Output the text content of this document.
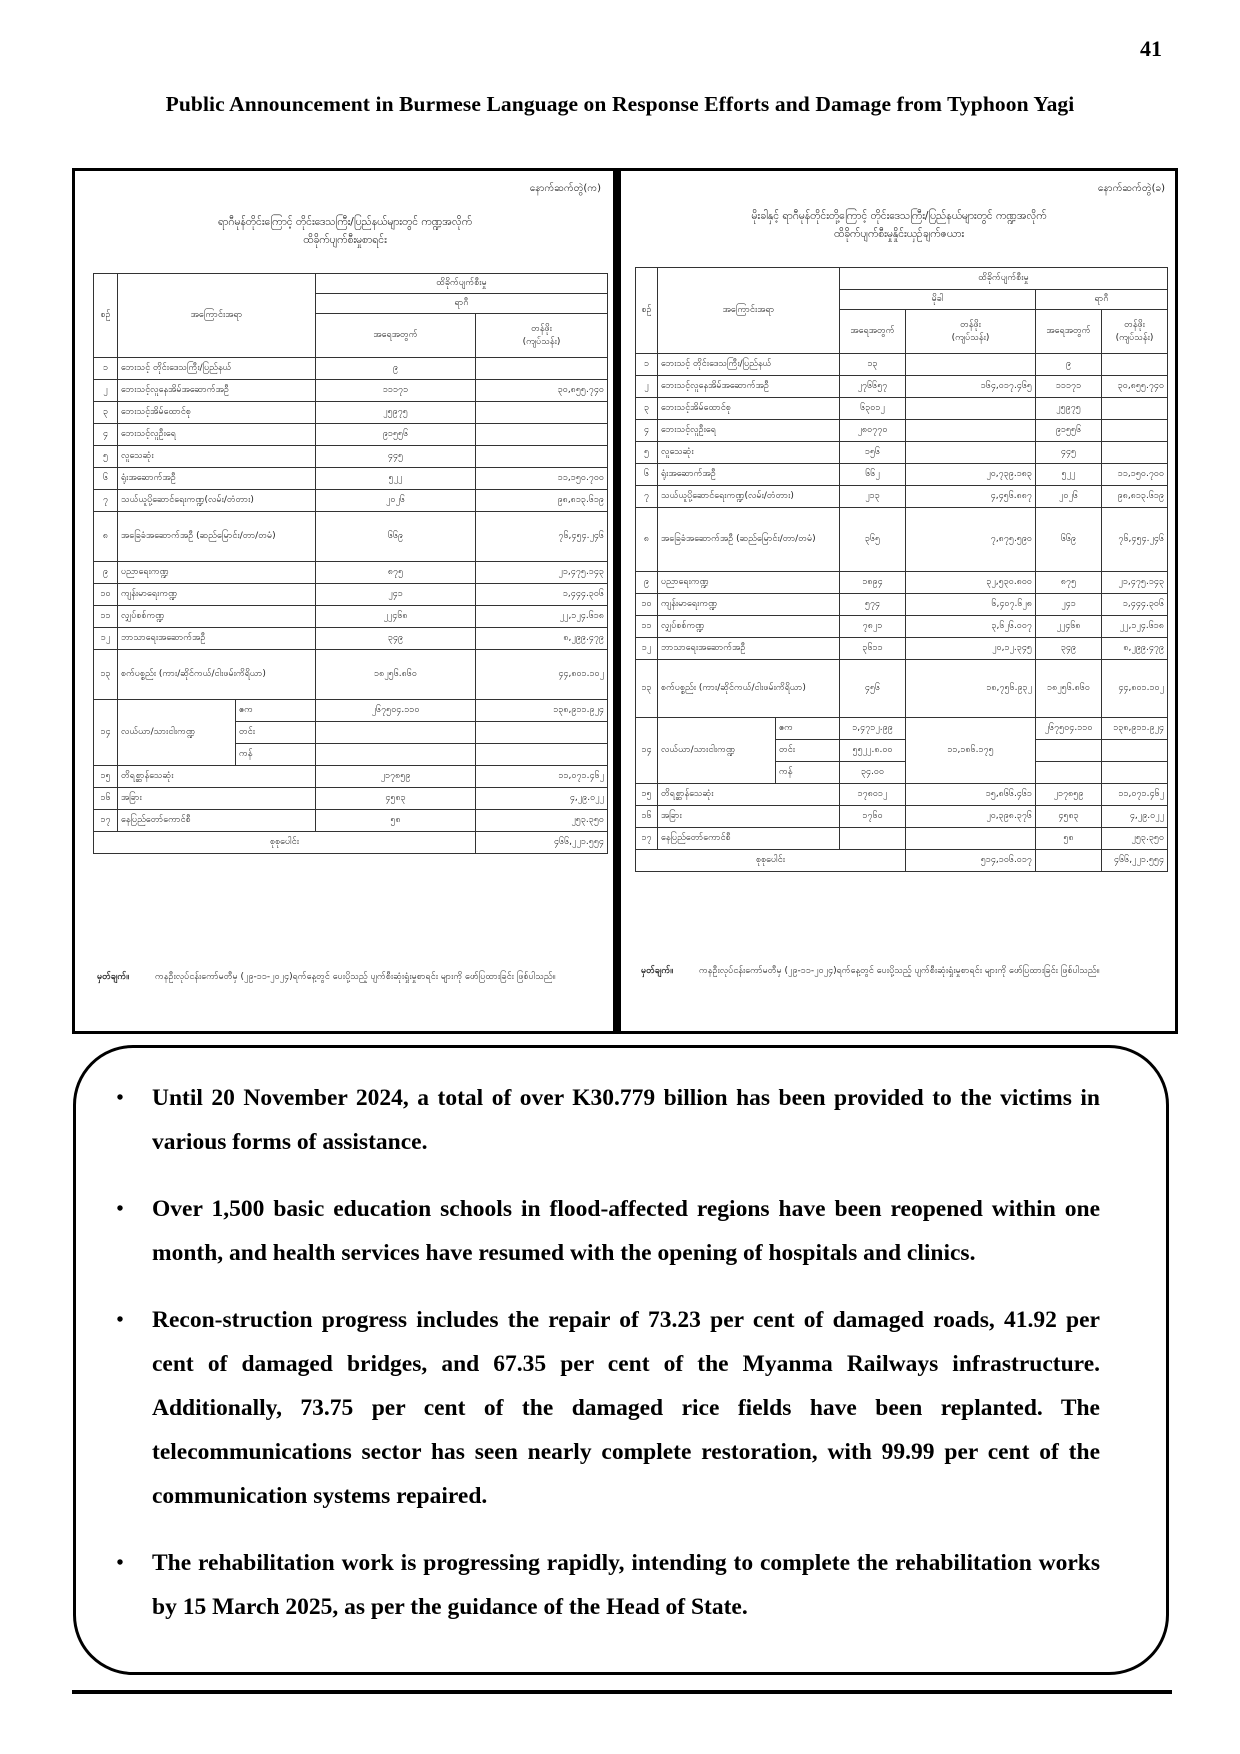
41
Public Announcement in Burmese Language on Response Efforts and Damage from Typhoon Yagi
နောက်ဆက်တွဲ(က)
ရာဂီမုန်တိုင်းကြောင့် တိုင်းဒေသကြီး/ပြည်နယ်များတွင် ကဏ္ဍအလိုက်
ထိခိုက်ပျက်စီးမှုစာရင်း
စဉ်	အကြောင်းအရာ		ထိခိုက်ပျက်စီးမှု	
			ရာဂီ	
			အရေအတွက်	တန်ဖိုး
(ကျပ်သန်း)
၁	ဘေးသင့် တိုင်းဒေသကြီး/ပြည်နယ်		၉	
၂	ဘေးသင့်လူနေအိမ်အဆောက်အဦ		၁၁၁၇၁	၃၀,၈၅၅.၇၄၀
၃	ဘေးသင့်အိမ်ထောင်စု		၂၅၉၇၅	
၄	ဘေးသင့်လူဦးရေ		၉၁၅၅၆	
၅	လူသေဆုံး		၄၄၅	
၆	ရုံးအဆောက်အဦ		၅၂၂	၁၁,၁၅၀.၇၀၀
၇	သယ်ယူပို့ဆောင်ရေးကဏ္ဍ(လမ်း/တံတား)		၂၀၂၆	၉၈,၈၁၃.၆၁၉
၈	အခြေခံအဆောက်အဦ (ဆည်မြောင်း/တာ/တမံ)		၆၆၉	၇၆,၄၅၄.၂၄၆
၉	ပညာရေးကဏ္ဍ		၈၇၅	၂၁,၄၇၅.၁၄၃
၁၀	ကျန်းမာရေးကဏ္ဍ		၂၄၁	၁,၄၄၄.၃၀၆
၁၁	လျှပ်စစ်ကဏ္ဍ		၂၂၄၆၈	၂၂,၁၂၄.၆၁၈
၁၂	ဘာသာရေးအဆောက်အဦ		၃၄၉	၈,၂၉၉.၄၇၉
၁၃	စက်ပစ္စည်း (ကား/ဆိုင်ကယ်/ငါးဖမ်းကိရိယာ)		၁၈၂၅၆.၈၆၀	၄၄,၈၀၁.၁၀၂
၁၄	လယ်ယာ/သားငါးကဏ္ဍ	ဧက	၂၆၇၅၀၄.၁၁၀	၁၃၈,၉၁၁.၉၂၄
		တင်း		
		ကန်		
၁၅	တိရစ္ဆာန်သေဆုံး		၂၁၇၈၅၉	၁၁,၀၇၁.၄၆၂
၁၆	အခြား		၄၅၈၃	၄,၂၉.၀၂၂
၁၇	နေပြည်တော်ကောင်စီ		၅၈	၂၅၃.၃၅၀
စုစုပေါင်း				၄၆၆,၂၂၁.၅၅၄
မှတ်ချက်။	ကနဦးလုပ်ငန်းကော်မတီမှ (၂၉-၁၁-၂၀၂၄)ရက်နေ့တွင် ပေးပို့သည့် ပျက်စီးဆုံးရှုံးမှုစာရင်း များကို ဖော်ပြထားခြင်း ဖြစ်ပါသည်။
နောက်ဆက်တွဲ(ခ)
မိုးခါနှင့် ရာဂီမုန်တိုင်းတို့ကြောင့် တိုင်းဒေသကြီး/ပြည်နယ်များတွင် ကဏ္ဍအလိုက်
ထိခိုက်ပျက်စီးမှုနှိုင်းယှဉ်ချက်ဇယား
စဉ်	အကြောင်းအရာ		ထိခိုက်ပျက်စီးမှု			
			မိုခါ		ရာဂီ	
			အရေအတွက်	တန်ဖိုး
(ကျပ်သန်း)	အရေအတွက်	တန်ဖိုး
(ကျပ်သန်း)
၁	ဘေးသင့် တိုင်းဒေသကြီး/ပြည်နယ်		၁၃		၉	
၂	ဘေးသင့်လူနေအိမ်အဆောက်အဦ		၂၇၆၆၅၇	၁၆၄,၀၁၇.၄၆၅	၁၁၁၇၁	၃၀,၈၅၅.၇၄၀
၃	ဘေးသင့်အိမ်ထောင်စု		၆၃၀၁၂		၂၅၉၇၅	
၄	ဘေးသင့်လူဦးရေ		၂၈၀၇၇၀		၉၁၅၅၆	
၅	လူသေဆုံး		၁၅၆		၄၄၅	
၆	ရုံးအဆောက်အဦ		၆၆၂	၂၀,၇၃၉.၁၈၃	၅၂၂	၁၁,၁၅၀.၇၀၀
၇	သယ်ယူပို့ဆောင်ရေးကဏ္ဍ(လမ်း/တံတား)		၂၁၃	၄,၄၅၆.၈၈၇	၂၀၂၆	၉၈,၈၁၃.၆၁၉
၈	အခြေခံအဆောက်အဦ (ဆည်မြောင်း/တာ/တမံ)		၃၆၅	၇,၈၇၅.၅၉၀	၆၆၉	၇၆,၄၅၄.၂၄၆
၉	ပညာရေးကဏ္ဍ		၁၈၉၄	၃၂,၅၃၀.၈၀၀	၈၇၅	၂၁,၄၇၅.၁၄၃
၁၀	ကျန်းမာရေးကဏ္ဍ		၅၇၄	၆,၄၀၇.၆၂၈	၂၄၁	၁,၄၄၄.၃၀၆
၁၁	လျှပ်စစ်ကဏ္ဍ		၇၈၂၁	၃,၆၂၆.၀၀၇	၂၂၄၆၈	၂၂,၁၂၄.၆၁၈
၁၂	ဘာသာရေးအဆောက်အဦ		၃၆၁၁	၂၀,၁၂.၃၄၅	၃၄၉	၈,၂၉၉.၄၇၉
၁၃	စက်ပစ္စည်း (ကား/ဆိုင်ကယ်/ငါးဖမ်းကိရိယာ)		၄၅၆	၁၈,၇၅၆.၉၃၂	၁၈၂၅၆.၈၆၀	၄၄,၈၀၁.၁၀၂
၁၄	လယ်ယာ/သားငါးကဏ္ဍ	ဧက	၁,၄၇၁၂.၉၉	၁၁,၁၈၆.၁၇၅	၂၆၇၅၀၄.၁၁၀	၁၃၈,၉၁၁.၉၂၄
		တင်း	၅၅၂၂.၈.၀၀			
		ကန်	၃၄.၀၀			
၁၅	တိရစ္ဆာန်သေဆုံး		၁၇၈၀၁၂	၁၅,၈၆၆.၄၆၁	၂၁၇၈၅၉	၁၁,၀၇၁.၄၆၂
၁၆	အခြား		၁၇၆၀	၂၀,၃၉၈.၃၇၆	၄၅၈၃	၄,၂၉.၀၂၂
၁၇	နေပြည်တော်ကောင်စီ				၅၈	၂၅၃.၃၅၀
စုစုပေါင်း				၅၁၄,၁၀၆.၀၁၇		၄၆၆,၂၂၁.၅၅၄
မှတ်ချက်။	ကနဦးလုပ်ငန်းကော်မတီမှ (၂၉-၁၁-၂၀၂၄)ရက်နေ့တွင် ပေးပို့သည့် ပျက်စီးဆုံးရှုံးမှုစာရင်း များကို ဖော်ပြထားခြင်း ဖြစ်ပါသည်။
• Until 20 November 2024, a total of over K30.779 billion has been provided to the victims in various forms of assistance.
• Over 1,500 basic education schools in flood-affected regions have been reopened within one month, and health services have resumed with the opening of hospitals and clinics.
• Recon-struction progress includes the repair of 73.23 per cent of damaged roads, 41.92 per cent of damaged bridges, and 67.35 per cent of the Myanma Railways infrastructure. Additionally, 73.75 per cent of the damaged rice fields have been replanted. The telecommunications sector has seen nearly complete restoration, with 99.99 per cent of the communication systems repaired.
• The rehabilitation work is progressing rapidly, intending to complete the rehabilitation works by 15 March 2025, as per the guidance of the Head of State.
